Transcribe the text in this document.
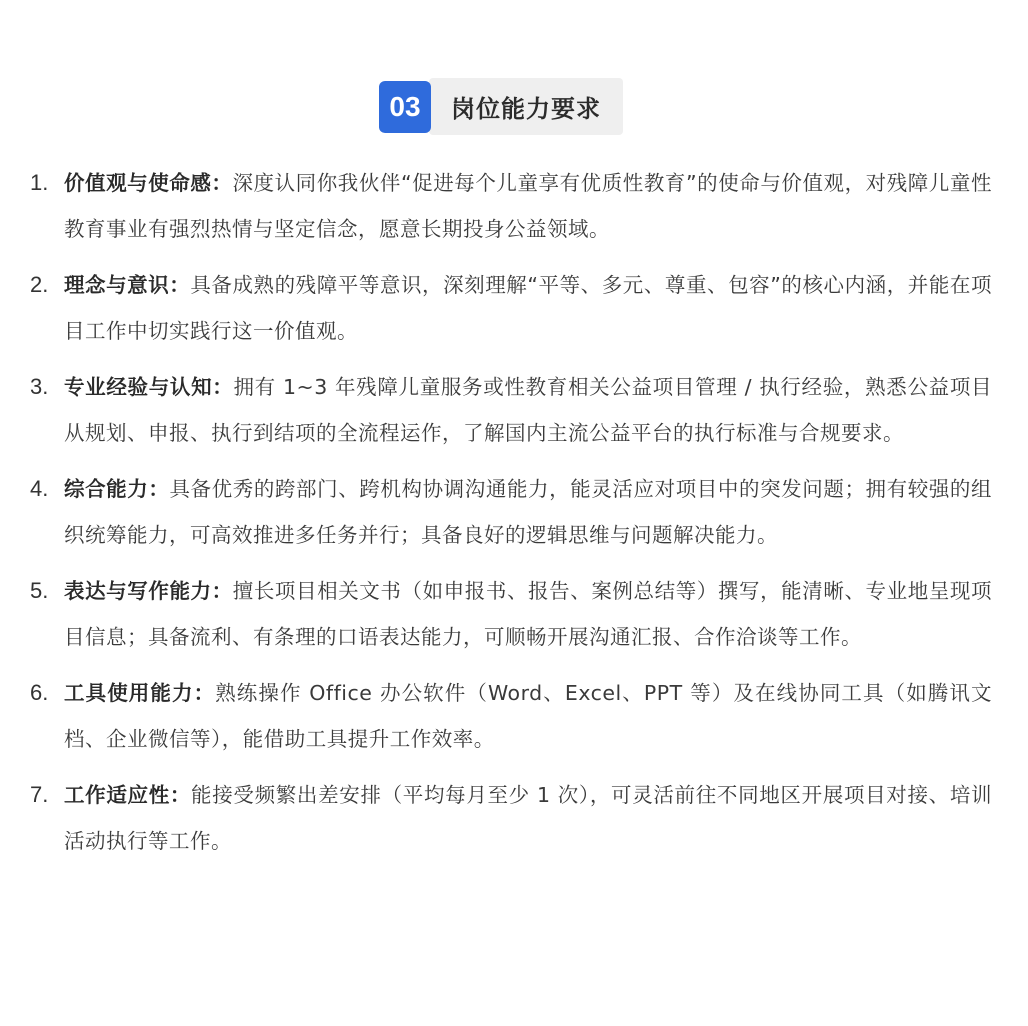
03	岗位能力要求
1. 价值观与使命感：深度认同你我伙伴“促进每个儿童享有优质性教育”的使命与价值观，对残障儿童性教育事业有强烈热情与坚定信念，愿意长期投身公益领域。
2. 理念与意识：具备成熟的残障平等意识，深刻理解“平等、多元、尊重、包容”的核心内涵，并能在项目工作中切实践行这一价值观。
3. 专业经验与认知：拥有 1~3 年残障儿童服务或性教育相关公益项目管理 / 执行经验，熟悉公益项目从规划、申报、执行到结项的全流程运作，了解国内主流公益平台的执行标准与合规要求。
4. 综合能力：具备优秀的跨部门、跨机构协调沟通能力，能灵活应对项目中的突发问题；拥有较强的组织统筹能力，可高效推进多任务并行；具备良好的逻辑思维与问题解决能力。
5. 表达与写作能力：擅长项目相关文书（如申报书、报告、案例总结等）撰写，能清晰、专业地呈现项目信息；具备流利、有条理的口语表达能力，可顺畅开展沟通汇报、合作洽谈等工作。
6. 工具使用能力：熟练操作 Office 办公软件（Word、Excel、PPT 等）及在线协同工具（如腾讯文档、企业微信等），能借助工具提升工作效率。
7. 工作适应性：能接受频繁出差安排（平均每月至少 1 次），可灵活前往不同地区开展项目对接、培训活动执行等工作。
